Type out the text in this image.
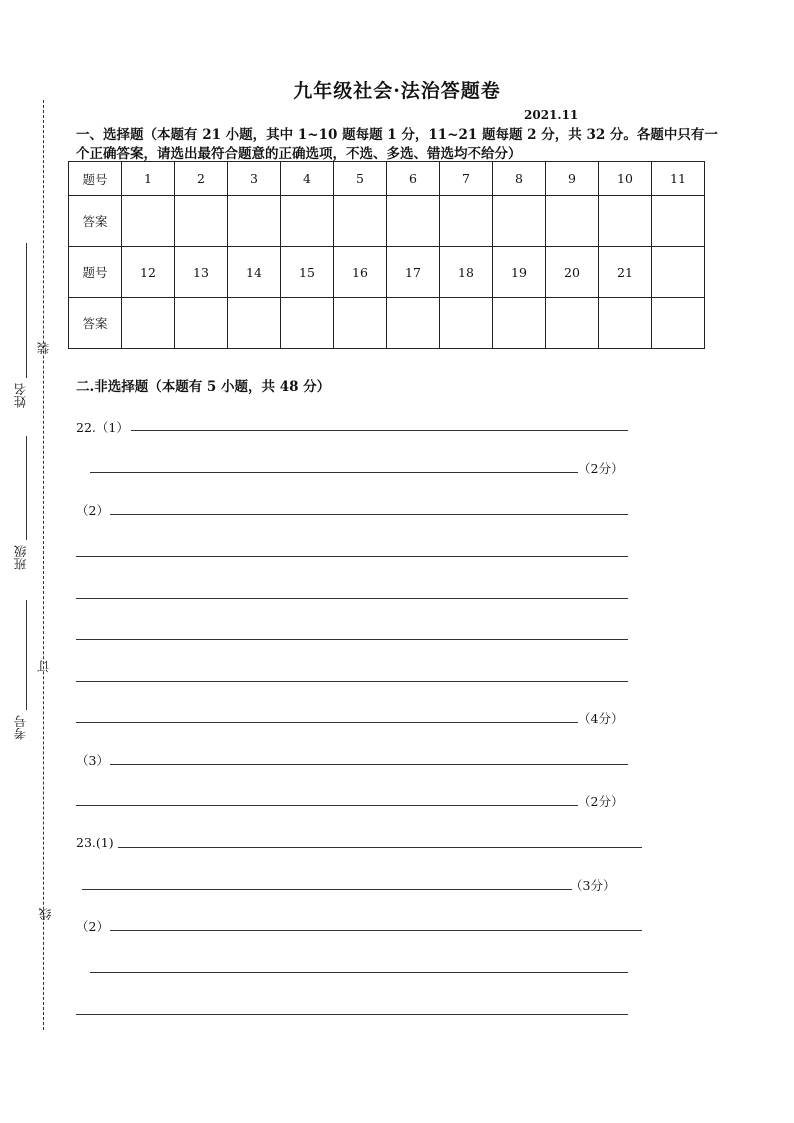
装
订
线
姓名
班级
考号
九年级社会·法治答题卷
2021.11
一、选择题（本题有 21 小题，其中 1~10 题每题 1 分，11~21 题每题 2 分，共 32 分。各题中只有一个正确答案，请选出最符合题意的正确选项，不选、多选、错选均不给分）
题号	1	2	3	4	5	6	7	8	9	10	11
答案											
题号	12	13	14	15	16	17	18	19	20	21	
答案											
二.非选择题（本题有 5 小题，共 48 分）
22.（1）
（2分）
（2）
（4分）
（3）
（2分）
23.(1)
（3分）
（2）
